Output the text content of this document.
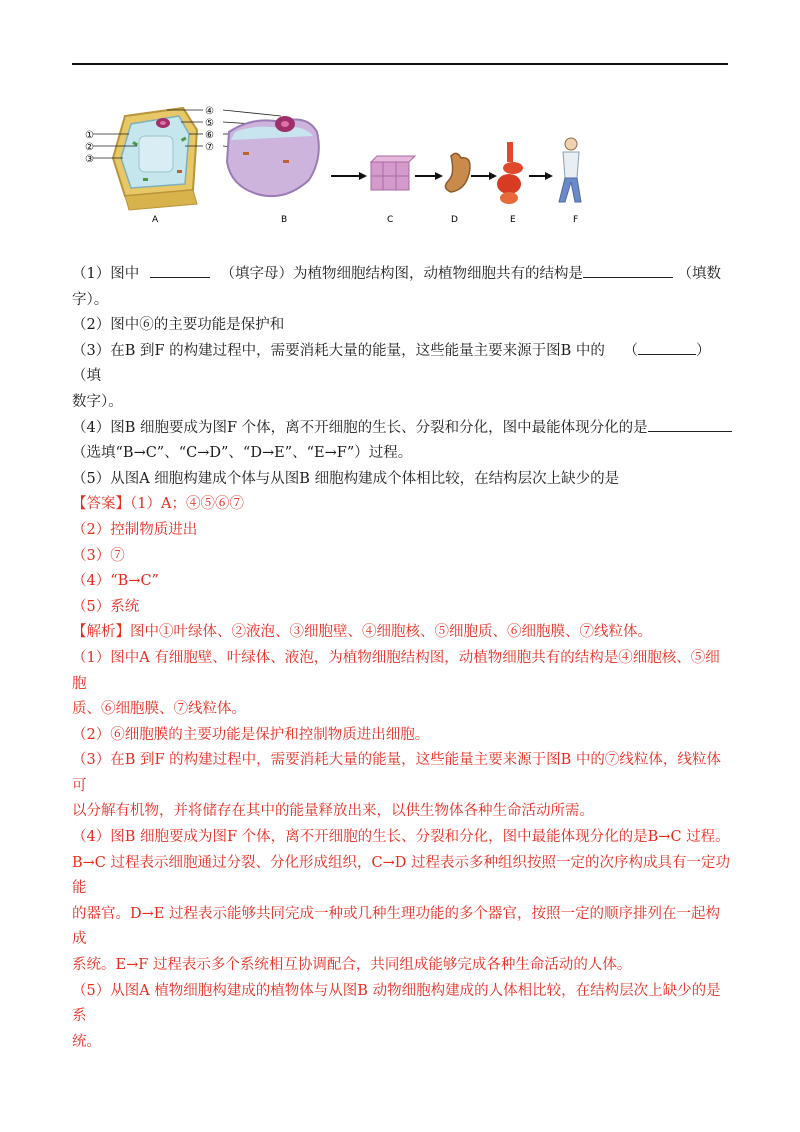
①
②
③
④
⑤
⑥
⑦
A	B	C	D	E	F

（1）图中	（填字母）为植物细胞结构图，动植物细胞共有的结构是	（填数

字）。

（2）图中⑥的主要功能是保护和

（3）在B 到F 的构建过程中，需要消耗大量的能量，这些能量主要来源于图B 中的 （	）（填

数字）。

（4）图B 细胞要成为图F 个体，离不开细胞的生长、分裂和分化，图中最能体现分化的是

（选填“B→C”、“C→D”、“D→E”、“E→F”）过程。

（5）从图A 细胞构建成个体与从图B 细胞构建成个体相比较，在结构层次上缺少的是

【答案】（1）A；④⑤⑥⑦

（2）控制物质进出

（3）⑦

（4）“B→C”

（5）系统

【解析】图中①叶绿体、②液泡、③细胞壁、④细胞核、⑤细胞质、⑥细胞膜、⑦线粒体。

（1）图中A 有细胞壁、叶绿体、液泡，为植物细胞结构图，动植物细胞共有的结构是④细胞核、⑤细胞

质、⑥细胞膜、⑦线粒体。

（2）⑥细胞膜的主要功能是保护和控制物质进出细胞。

（3）在B 到F 的构建过程中，需要消耗大量的能量，这些能量主要来源于图B 中的⑦线粒体，线粒体可

以分解有机物，并将储存在其中的能量释放出来，以供生物体各种生命活动所需。

（4）图B 细胞要成为图F 个体，离不开细胞的生长、分裂和分化，图中最能体现分化的是B→C 过程。

B→C 过程表示细胞通过分裂、分化形成组织，C→D 过程表示多种组织按照一定的次序构成具有一定功能

的器官。D→E 过程表示能够共同完成一种或几种生理功能的多个器官，按照一定的顺序排列在一起构成

系统。E→F 过程表示多个系统相互协调配合，共同组成能够完成各种生命活动的人体。

（5）从图A 植物细胞构建成的植物体与从图B 动物细胞构建成的人体相比较，在结构层次上缺少的是系

统。
